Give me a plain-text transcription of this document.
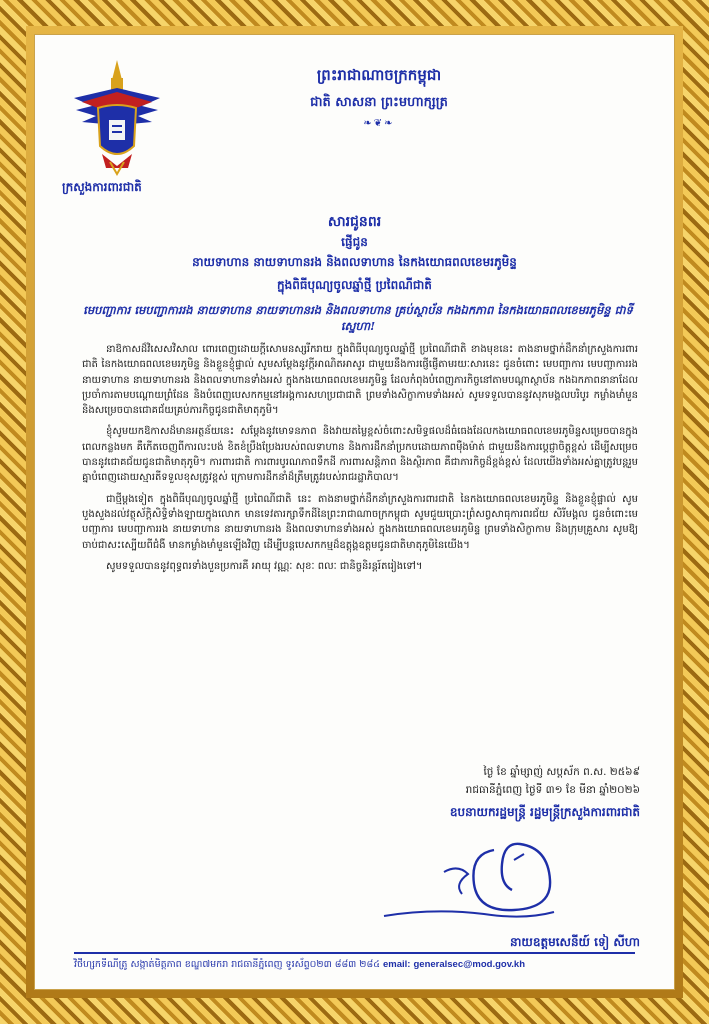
ក្រសួងការពារជាតិ
ព្រះរាជាណាចក្រកម្ពុជា
ជាតិ សាសនា ព្រះមហាក្សត្រ
❧❦❧
សារជូនពរ
ផ្ញើជូន
នាយទាហាន នាយទាហានរង និងពលទាហាន នៃកងយោធពលខេមរភូមិន្ទ
ក្នុងពិធីបុណ្យចូលឆ្នាំថ្មី ប្រពៃណីជាតិ
មេបញ្ជាការ មេបញ្ជាការរង នាយទាហាន នាយទាហានរង និងពលទាហាន គ្រប់ស្ថាប័ន កងឯកភាព នៃកងយោធពលខេមរភូមិន្ទ ជាទីស្នេហា!

នាឱកាសដ៏វិសេសវិសាល ពោរពេញដោយក្តីសោមនស្សរីករាយ ក្នុងពិធីបុណ្យចូលឆ្នាំថ្មី ប្រពៃណីជាតិ ខាងមុខនេះ តាងនាមថ្នាក់ដឹកនាំក្រសួងការពារជាតិ នៃកងយោធពលខេមរភូមិន្ទ និងខ្លួនខ្ញុំផ្ទាល់ សូមសម្តែងនូវក្តីអាណិតអាសូរ ជាមួយនឹងការផ្ញើផ្ញើតាមរយៈសារនេះ ជូនចំពោះ មេបញ្ជាការ មេបញ្ជាការរង នាយទាហាន នាយទាហានរង និងពលទាហានទាំងអស់ ក្នុងកងយោធពលខេមរភូមិន្ទ ដែលកំពុងបំពេញភារកិច្ចនៅតាមបណ្តាស្ថាប័ន កងឯកភាពនានាដែលប្រចាំការតាមបណ្តោយព្រំដែន និងបំពេញបេសកកម្មនៅអង្គការសហប្រជាជាតិ ព្រមទាំងសិក្ខាកាមទាំងអស់ សូមទទួលបាននូវសុភមង្គលបរិបូរ កម្លាំងមាំមួន និងសម្រេចបានជោគជ័យគ្រប់ភារកិច្ចជូនជាតិមាតុភូមិ។

ខ្ញុំសូមយកឱកាសដ៏មានអត្ថន័យនេះ សម្តែងនូវមោទនភាព និងវាយតម្លៃខ្ពស់ចំពោះសមិទ្ធផលដ៏ធំធេងដែលកងយោធពលខេមរភូមិន្ទសម្រេចបានក្នុងពេលកន្លងមក គឺកើតចេញពីការលះបង់ ខិតខំប្រឹងប្រែងរបស់ពលទាហាន និងការដឹកនាំប្រកបដោយភាពម៉ឺងម៉ាត់ ជាមួយនឹងការប្តេជ្ញាចិត្តខ្ពស់ ដើម្បីសម្រេចបាននូវជោគជ័យជូនជាតិមាតុភូមិ។ ការពារជាតិ ការពារបូរណភាពទឹកដី ការពារសន្តិភាព និងស្ថិរភាព គឺជាភារកិច្ចដ៏ខ្ពង់ខ្ពស់ ដែលយើងទាំងអស់គ្នាត្រូវបន្តរួមគ្នាបំពេញដោយស្មារតីទទួលខុសត្រូវខ្ពស់ ក្រោមការដឹកនាំដ៏ត្រឹមត្រូវរបស់រាជរដ្ឋាភិបាល។

ជាថ្មីម្តងទៀត ក្នុងពិធីបុណ្យចូលឆ្នាំថ្មី ប្រពៃណីជាតិ នេះ តាងនាមថ្នាក់ដឹកនាំក្រសួងការពារជាតិ នៃកងយោធពលខេមរភូមិន្ទ និងខ្លួនខ្ញុំផ្ទាល់ សូមបួងសួងដល់វត្ថុស័ក្តិសិទ្ធិទាំងឡាយក្នុងលោក មានទេវតារក្សាទឹកដីនៃព្រះរាជាណាចក្រកម្ពុជា សូមជួយប្រោះព្រំសព្វសាធុការពរជ័យ សិរីមង្គល ជូនចំពោះមេបញ្ជាការ មេបញ្ជាការរង នាយទាហាន នាយទាហានរង និងពលទាហានទាំងអស់ ក្នុងកងយោធពលខេមរភូមិន្ទ ព្រមទាំងសិក្ខាកាម និងក្រុមគ្រួសារ សូមឱ្យចាប់ជាសះស្បើយពីជំងឺ មានកម្លាំងមាំមួនឡើងវិញ ដើម្បីបន្តបេសកកម្មដ៏ឧត្តុង្គឧត្តមជូនជាតិមាតុភូមិនៃយើង។

សូមទទួលបាននូវពុទ្ធពរទាំងបួនប្រការគឺ អាយុ វណ្ណៈ សុខៈ ពលៈ ជានិច្ចនិរន្តរ៍តរៀងទៅ។

ថ្ងៃ ខែ ឆ្នាំម្សាញ់ សប្តស័ក ព.ស. ២៥៦៩
រាជធានីភ្នំពេញ ថ្ងៃទី ៣១ ខែ មីនា ឆ្នាំ២០២៦
ឧបនាយករដ្ឋមន្ត្រី រដ្ឋមន្ត្រីក្រសួងការពារជាតិ
នាយឧត្តមសេនីយ៍ ទៀ សីហា
វិថីហ្សកទីណីត្រូ សង្កាត់មិត្តភាព ខណ្ឌ៧មករា រាជធានីភ្នំពេញ ទូរស័ព្ទ០២៣ ៨៨៣ ២៨៤ email: generalsec@mod.gov.kh
